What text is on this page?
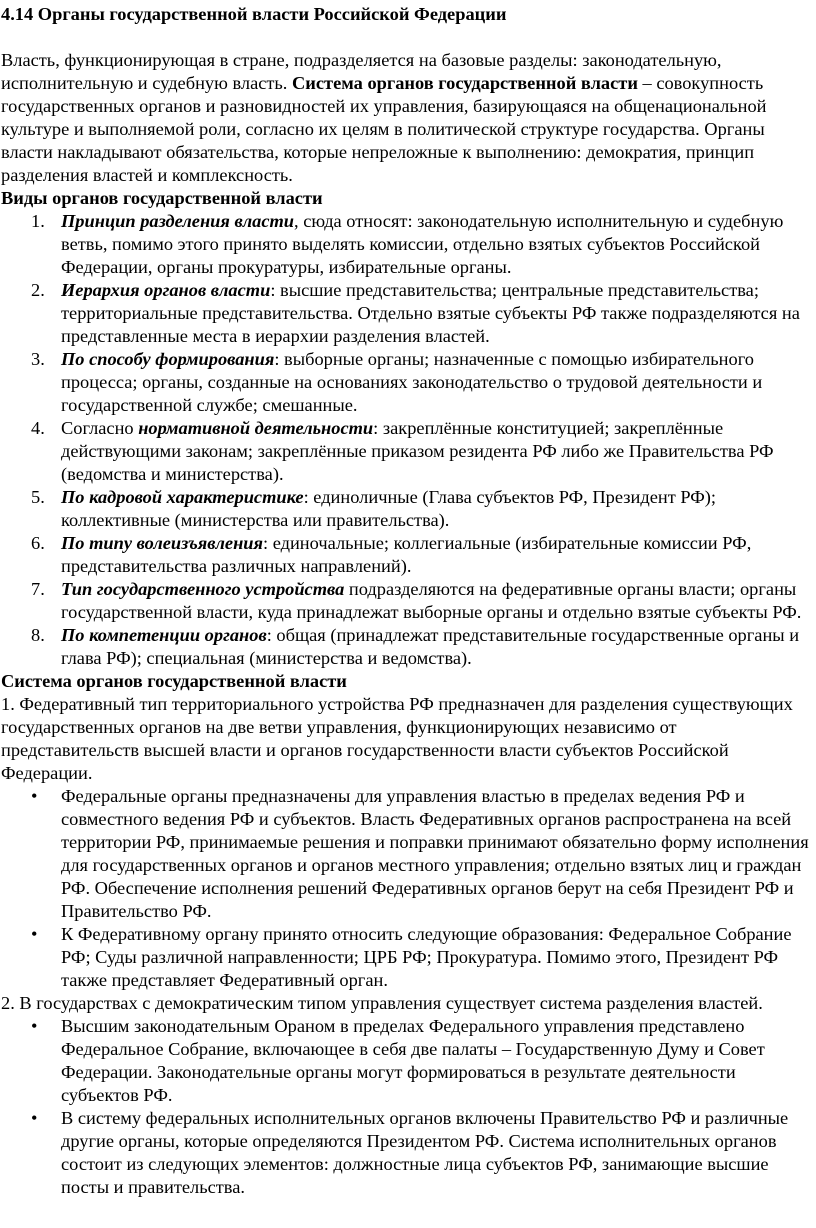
4.14 Органы государственной власти Российской Федерации

Власть, функционирующая в стране, подразделяется на базовые разделы: законодательную, исполнительную и судебную власть. Система органов государственной власти – совокупность государственных органов и разновидностей их управления, базирующаяся на общенациональной культуре и выполняемой роли, согласно их целям в политической структуре государства. Органы власти накладывают обязательства, которые непреложные к выполнению: демократия, принцип разделения властей и комплексность.

Виды органов государственной власти

1. Принцип разделения власти, сюда относят: законодательную исполнительную и судебную ветвь, помимо этого принято выделять комиссии, отдельно взятых субъектов Российской Федерации, органы прокуратуры, избирательные органы.
2. Иерархия органов власти: высшие представительства; центральные представительства; территориальные представительства. Отдельно взятые субъекты РФ также подразделяются на представленные места в иерархии разделения властей.
3. По способу формирования: выборные органы; назначенные с помощью избирательного процесса; органы, созданные на основаниях законодательство о трудовой деятельности и государственной службе; смешанные.
4. Согласно нормативной деятельности: закреплённые конституцией; закреплённые действующими законам; закреплённые приказом резидента РФ либо же Правительства РФ (ведомства и министерства).
5. По кадровой характеристике: единоличные (Глава субъектов РФ, Президент РФ); коллективные (министерства или правительства).
6. По типу волеизъявления: единочальные; коллегиальные (избирательные комиссии РФ, представительства различных направлений).
7. Тип государственного устройства подразделяются на федеративные органы власти; органы государственной власти, куда принадлежат выборные органы и отдельно взятые субъекты РФ.
8. По компетенции органов: общая (принадлежат представительные государственные органы и глава РФ); специальная (министерства и ведомства).

Система органов государственной власти

1. Федеративный тип территориального устройства РФ предназначен для разделения существующих государственных органов на две ветви управления, функционирующих независимо от представительств высшей власти и органов государственности власти субъектов Российской Федерации.

• Федеральные органы предназначены для управления властью в пределах ведения РФ и совместного ведения РФ и субъектов. Власть Федеративных органов распространена на всей территории РФ, принимаемые решения и поправки принимают обязательно форму исполнения для государственных органов и органов местного управления; отдельно взятых лиц и граждан РФ. Обеспечение исполнения решений Федеративных органов берут на себя Президент РФ и Правительство РФ.
• К Федеративному органу принято относить следующие образования: Федеральное Собрание РФ; Суды различной направленности; ЦРБ РФ; Прокуратура. Помимо этого, Президент РФ также представляет Федеративный орган.

2. В государствах с демократическим типом управления существует система разделения властей.

• Высшим законодательным Ораном в пределах Федерального управления представлено Федеральное Собрание, включающее в себя две палаты – Государственную Думу и Совет Федерации. Законодательные органы могут формироваться в результате деятельности субъектов РФ.
• В систему федеральных исполнительных органов включены Правительство РФ и различные другие органы, которые определяются Президентом РФ. Система исполнительных органов состоит из следующих элементов: должностные лица субъектов РФ, занимающие высшие посты и правительства.
